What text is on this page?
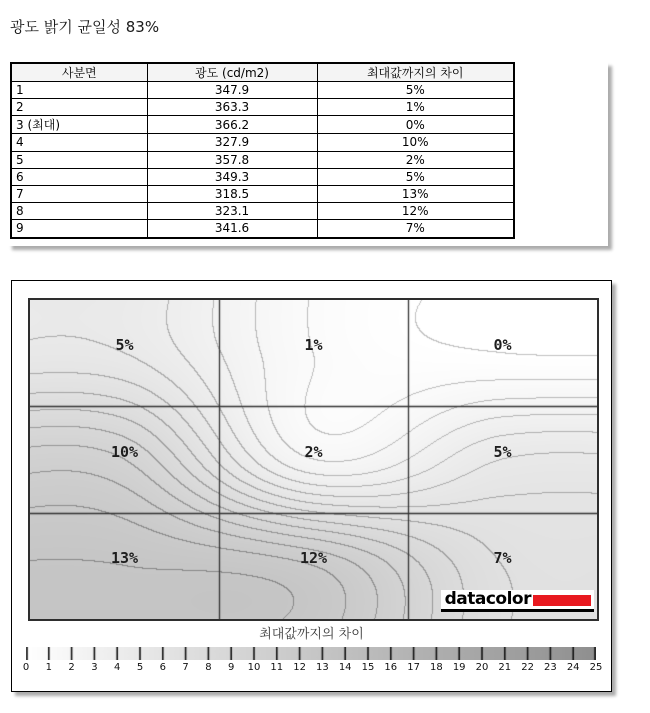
광도 밝기 균일성 83%
사분면	광도 (cd/m2)	최대값까지의 차이
1	347.9	5%
2	363.3	1%
3 (최대)	366.2	0%
4	327.9	10%
5	357.8	2%
6	349.3	5%
7	318.5	13%
8	323.1	12%
9	341.6	7%
5%	1%	0%
10%	2%	5%
13%	12%	7%
datacolor
최대값까지의 차이
0 1 2 3 4 5 6 7 8 9 10 11 12 13 14 15 16 17 18 19 20 21 22 23 24 25
